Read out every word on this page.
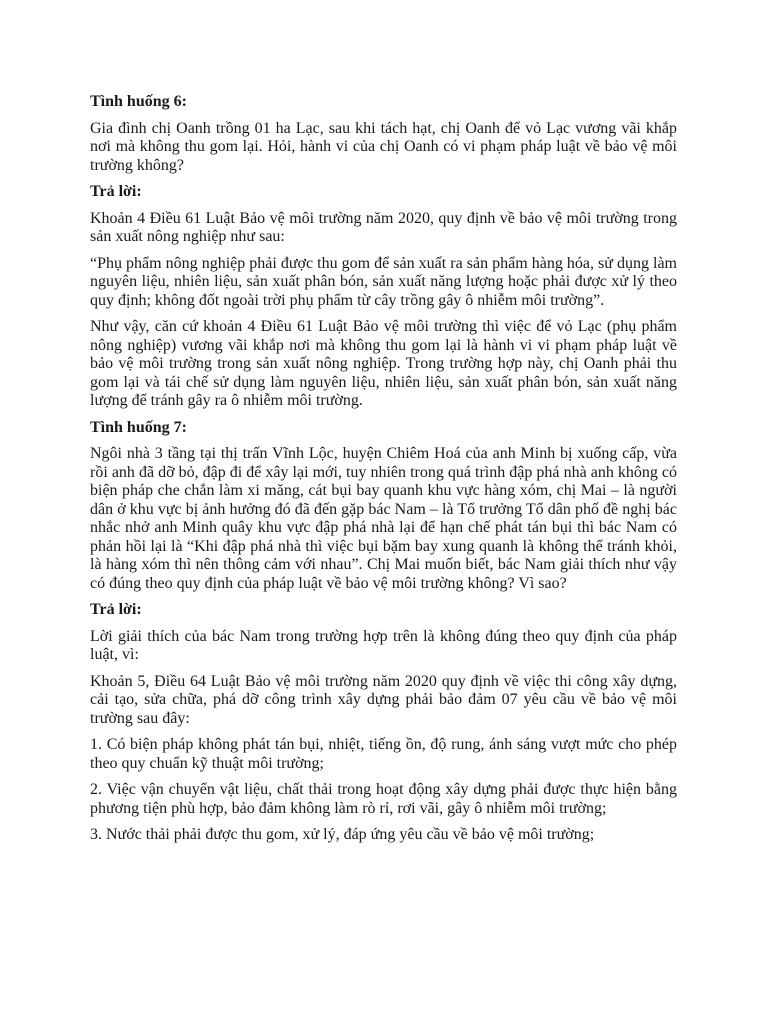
Tình huống 6:

Gia đình chị Oanh trồng 01 ha Lạc, sau khi tách hạt, chị Oanh để vỏ Lạc vương vãi khắp nơi mà không thu gom lại. Hỏi, hành vi của chị Oanh có vi phạm pháp luật về bảo vệ môi trường không?

Trả lời:

Khoản 4 Điều 61 Luật Bảo vệ môi trường năm 2020, quy định về bảo vệ môi trường trong sản xuất nông nghiệp như sau:

“Phụ phẩm nông nghiệp phải được thu gom để sản xuất ra sản phẩm hàng hóa, sử dụng làm nguyên liệu, nhiên liệu, sản xuất phân bón, sản xuất năng lượng hoặc phải được xử lý theo quy định; không đốt ngoài trời phụ phẩm từ cây trồng gây ô nhiễm môi trường”.

Như vậy, căn cứ khoản 4 Điều 61 Luật Bảo vệ môi trường thì việc để vỏ Lạc (phụ phẩm nông nghiệp) vương vãi khắp nơi mà không thu gom lại là hành vi vi phạm pháp luật về bảo vệ môi trường trong sản xuất nông nghiệp. Trong trường hợp này, chị Oanh phải thu gom lại và tái chế sử dụng làm nguyên liệu, nhiên liệu, sản xuất phân bón, sản xuất năng lượng để tránh gây ra ô nhiễm môi trường.

Tình huống 7:

Ngôi nhà 3 tầng tại thị trấn Vĩnh Lộc, huyện Chiêm Hoá của anh Minh bị xuống cấp, vừa rồi anh đã dỡ bỏ, đập đi để xây lại mới, tuy nhiên trong quá trình đập phá nhà anh không có biện pháp che chắn làm xi măng, cát bụi bay quanh khu vực hàng xóm, chị Mai – là người dân ở khu vực bị ảnh hưởng đó đã đến gặp bác Nam – là Tổ trưởng Tổ dân phố đề nghị bác nhắc nhở anh Minh quây khu vực đập phá nhà lại để hạn chế phát tán bụi thì bác Nam có phản hồi lại là “Khi đập phá nhà thì việc bụi bặm bay xung quanh là không thể tránh khỏi, là hàng xóm thì nên thông cảm với nhau”. Chị Mai muốn biết, bác Nam giải thích như vậy có đúng theo quy định của pháp luật về bảo vệ môi trường không? Vì sao?

Trả lời:

Lời giải thích của bác Nam trong trường hợp trên là không đúng theo quy định của pháp luật, vì:

Khoản 5, Điều 64 Luật Bảo vệ môi trường năm 2020 quy định về việc thi công xây dựng, cải tạo, sửa chữa, phá dỡ công trình xây dựng phải bảo đảm 07 yêu cầu về bảo vệ môi trường sau đây:

1. Có biện pháp không phát tán bụi, nhiệt, tiếng ồn, độ rung, ánh sáng vượt mức cho phép theo quy chuẩn kỹ thuật môi trường;

2. Việc vận chuyển vật liệu, chất thải trong hoạt động xây dựng phải được thực hiện bằng phương tiện phù hợp, bảo đảm không làm rò rỉ, rơi vãi, gây ô nhiễm môi trường;

3. Nước thải phải được thu gom, xử lý, đáp ứng yêu cầu về bảo vệ môi trường;
